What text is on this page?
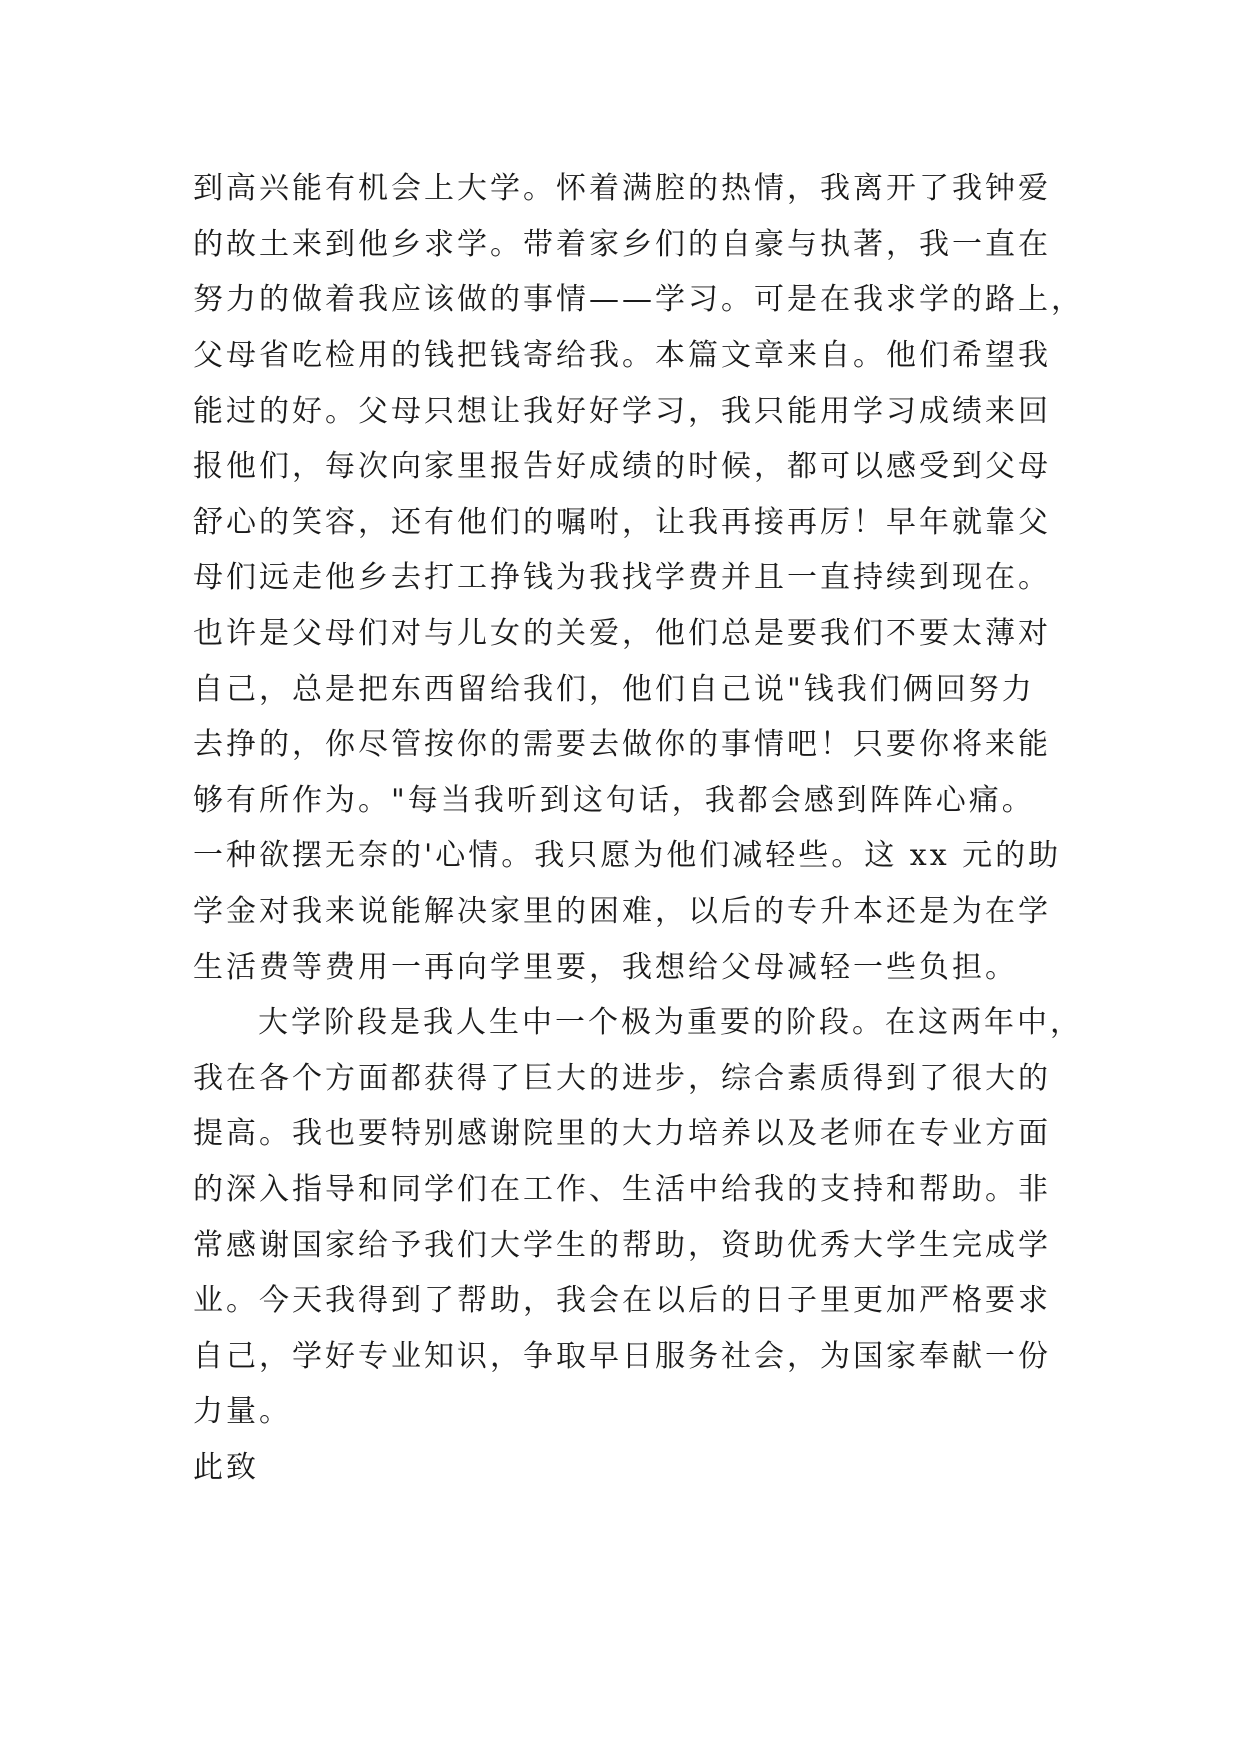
到高兴能有机会上大学。怀着满腔的热情，我离开了我钟爱
的故土来到他乡求学。带着家乡们的自豪与执著，我一直在
努力的做着我应该做的事情——学习。可是在我求学的路上，
父母省吃检用的钱把钱寄给我。本篇文章来自。他们希望我
能过的好。父母只想让我好好学习，我只能用学习成绩来回
报他们，每次向家里报告好成绩的时候，都可以感受到父母
舒心的笑容，还有他们的嘱咐，让我再接再厉！早年就靠父
母们远走他乡去打工挣钱为我找学费并且一直持续到现在。
也许是父母们对与儿女的关爱，他们总是要我们不要太薄对
自己，总是把东西留给我们，他们自己说"钱我们俩回努力
去挣的，你尽管按你的需要去做你的事情吧！只要你将来能
够有所作为。"每当我听到这句话，我都会感到阵阵心痛。
一种欲摆无奈的'心情。我只愿为他们减轻些。这 xx 元的助
学金对我来说能解决家里的困难，以后的专升本还是为在学
生活费等费用一再向学里要，我想给父母减轻一些负担。
大学阶段是我人生中一个极为重要的阶段。在这两年中，
我在各个方面都获得了巨大的进步，综合素质得到了很大的
提高。我也要特别感谢院里的大力培养以及老师在专业方面
的深入指导和同学们在工作、生活中给我的支持和帮助。非
常感谢国家给予我们大学生的帮助，资助优秀大学生完成学
业。今天我得到了帮助，我会在以后的日子里更加严格要求
自己，学好专业知识，争取早日服务社会，为国家奉献一份
力量。
此致
